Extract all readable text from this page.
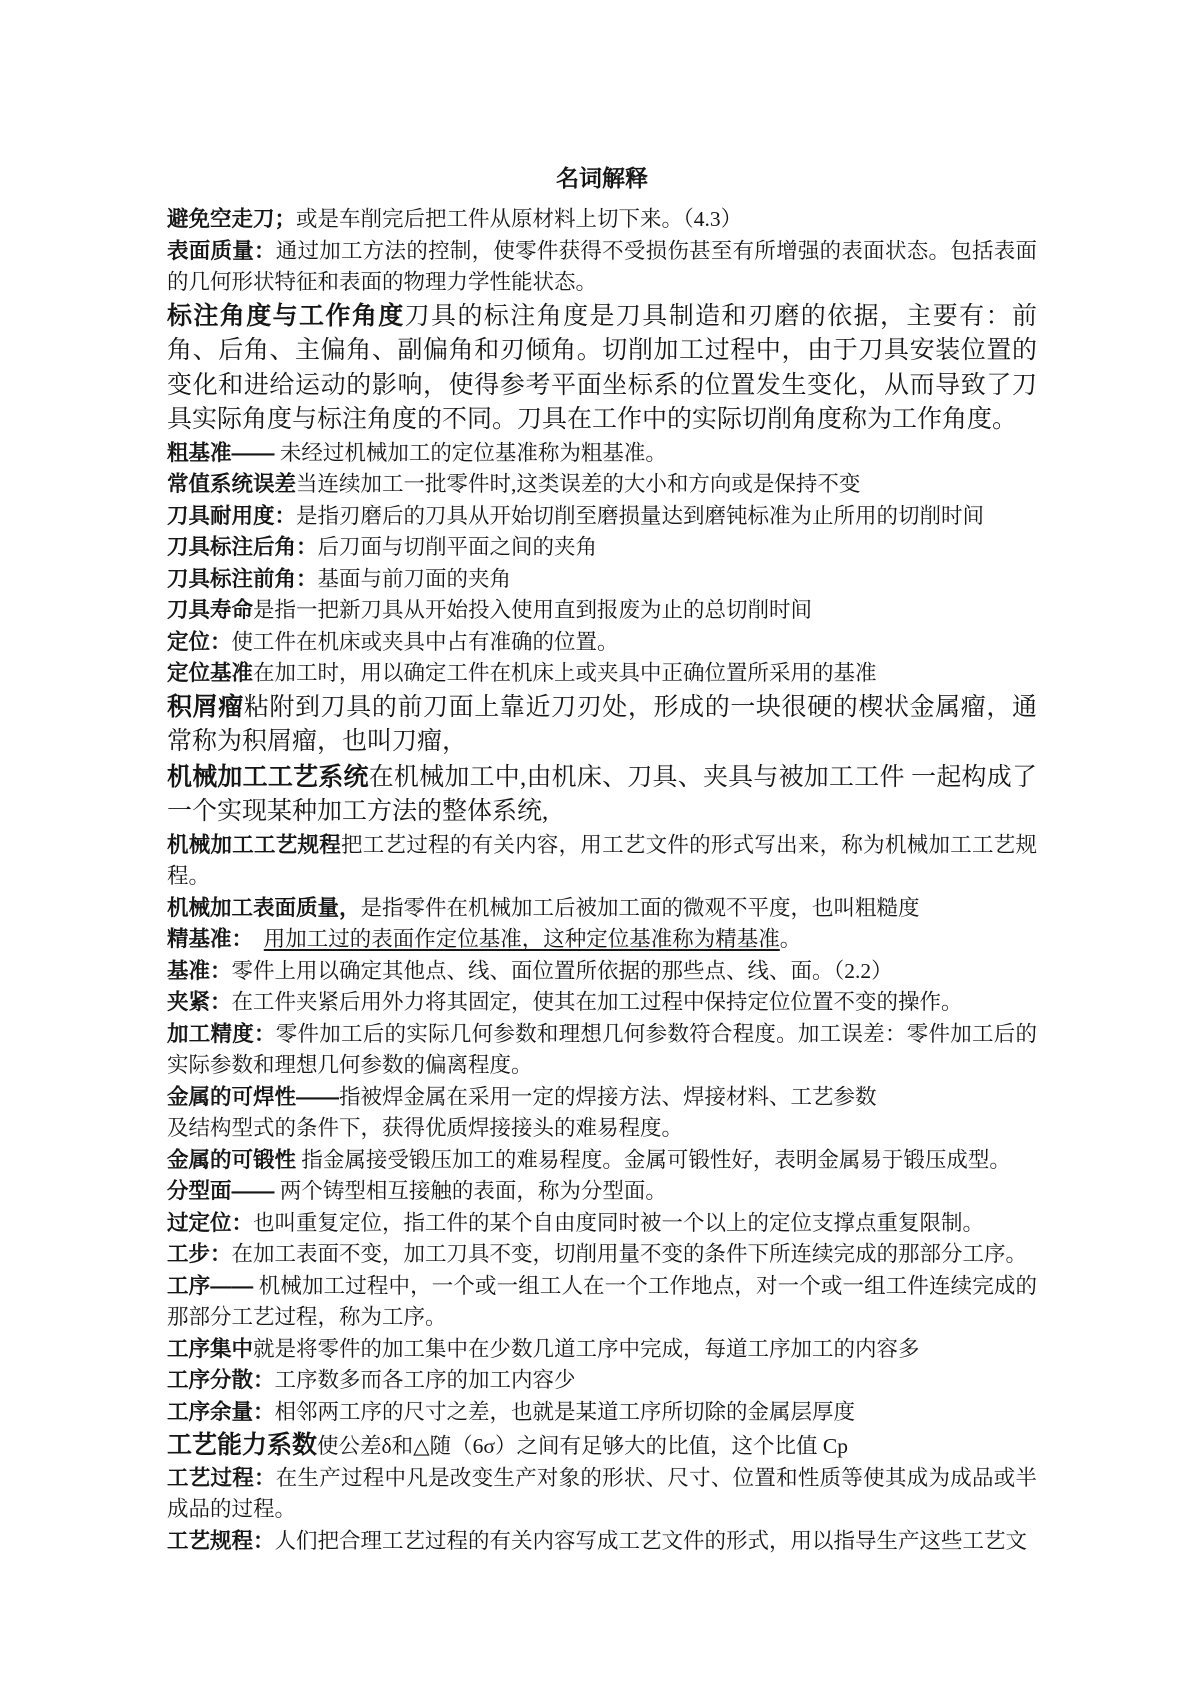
名词解释

避免空走刀；或是车削完后把工件从原材料上切下来。（4.3）

表面质量：通过加工方法的控制，使零件获得不受损伤甚至有所增强的表面状态。包括表面的几何形状特征和表面的物理力学性能状态。

标注角度与工作角度刀具的标注角度是刀具制造和刃磨的依据，主要有：前角、后角、主偏角、副偏角和刃倾角。切削加工过程中，由于刀具安装位置的变化和进给运动的影响，使得参考平面坐标系的位置发生变化，从而导致了刀具实际角度与标注角度的不同。刀具在工作中的实际切削角度称为工作角度。

粗基准—— 未经过机械加工的定位基准称为粗基准。

常值系统误差当连续加工一批零件时,这类误差的大小和方向或是保持不变

刀具耐用度：是指刃磨后的刀具从开始切削至磨损量达到磨钝标准为止所用的切削时间

刀具标注后角：后刀面与切削平面之间的夹角

刀具标注前角：基面与前刀面的夹角

刀具寿命是指一把新刀具从开始投入使用直到报废为止的总切削时间

定位：使工件在机床或夹具中占有准确的位置。

定位基准在加工时，用以确定工件在机床上或夹具中正确位置所采用的基准

积屑瘤粘附到刀具的前刀面上靠近刀刃处，形成的一块很硬的楔状金属瘤，通常称为积屑瘤，也叫刀瘤，

机械加工工艺系统在机械加工中,由机床、刀具、夹具与被加工工件 一起构成了一个实现某种加工方法的整体系统,

机械加工工艺规程把工艺过程的有关内容，用工艺文件的形式写出来，称为机械加工工艺规程。

机械加工表面质量，是指零件在机械加工后被加工面的微观不平度，也叫粗糙度

精基准：　 用加工过的表面作定位基准，这种定位基准称为精基准。

基准：零件上用以确定其他点、线、面位置所依据的那些点、线、面。（2.2）

夹紧：在工件夹紧后用外力将其固定，使其在加工过程中保持定位位置不变的操作。

加工精度：零件加工后的实际几何参数和理想几何参数符合程度。加工误差：零件加工后的实际参数和理想几何参数的偏离程度。

金属的可焊性——指被焊金属在采用一定的焊接方法、焊接材料、工艺参数
及结构型式的条件下，获得优质焊接接头的难易程度。

金属的可锻性 指金属接受锻压加工的难易程度。金属可锻性好，表明金属易于锻压成型。

分型面—— 两个铸型相互接触的表面，称为分型面。

过定位：也叫重复定位，指工件的某个自由度同时被一个以上的定位支撑点重复限制。

工步：在加工表面不变，加工刀具不变，切削用量不变的条件下所连续完成的那部分工序。

工序—— 机械加工过程中，一个或一组工人在一个工作地点，对一个或一组工件连续完成的那部分工艺过程，称为工序。

工序集中就是将零件的加工集中在少数几道工序中完成，每道工序加工的内容多

工序分散：工序数多而各工序的加工内容少

工序余量：相邻两工序的尺寸之差，也就是某道工序所切除的金属层厚度

工艺能力系数使公差δ和△随（6σ）之间有足够大的比值，这个比值 Cp

工艺过程：在生产过程中凡是改变生产对象的形状、尺寸、位置和性质等使其成为成品或半成品的过程。

工艺规程：人们把合理工艺过程的有关内容写成工艺文件的形式，用以指导生产这些工艺文
